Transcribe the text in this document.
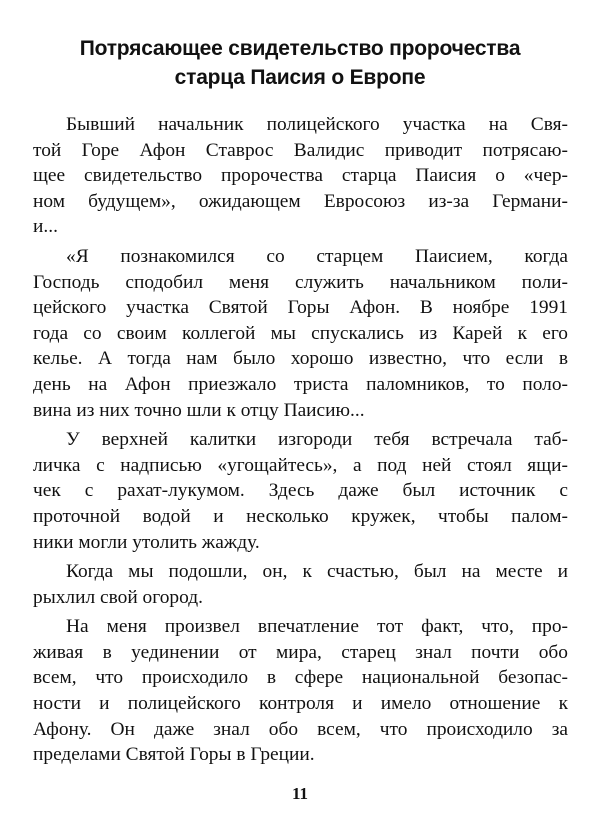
Потрясающее свидетельство пророчества
старца Паисия о Европе
Бывший начальник полицейского участка на Свя-
той Горе Афон Ставрос Валидис приводит потрясаю-
щее свидетельство пророчества старца Паисия о «чер-
ном будущем», ожидающем Евросоюз из-за Германи-
и...
«Я познакомился со старцем Паисием, когда
Господь сподобил меня служить начальником поли-
цейского участка Святой Горы Афон. В ноябре 1991
года со своим коллегой мы спускались из Карей к его
келье. А тогда нам было хорошо известно, что если в
день на Афон приезжало триста паломников, то поло-
вина из них точно шли к отцу Паисию...
У верхней калитки изгороди тебя встречала таб-
личка с надписью «угощайтесь», а под ней стоял ящи-
чек с рахат-лукумом. Здесь даже был источник с
проточной водой и несколько кружек, чтобы палом-
ники могли утолить жажду.
Когда мы подошли, он, к счастью, был на месте и
рыхлил свой огород.
На меня произвел впечатление тот факт, что, про-
живая в уединении от мира, старец знал почти обо
всем, что происходило в сфере национальной безопас-
ности и полицейского контроля и имело отношение к
Афону. Он даже знал обо всем, что происходило за
пределами Святой Горы в Греции.
11
